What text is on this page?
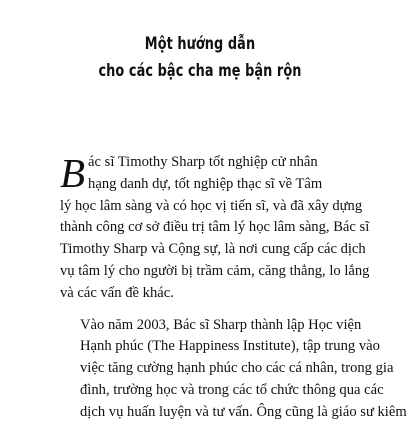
Một hướng dẫn
cho các bậc cha mẹ bận rộn

B ác sĩ Timothy Sharp tốt nghiệp cử nhân
hạng danh dự, tốt nghiệp thạc sĩ về Tâm
lý học lâm sàng và có học vị tiến sĩ, và đã xây dựng
thành công cơ sở điều trị tâm lý học lâm sàng, Bác sĩ
Timothy Sharp và Cộng sự, là nơi cung cấp các dịch
vụ tâm lý cho người bị trầm cảm, căng thẳng, lo lắng
và các vấn đề khác.

Vào năm 2003, Bác sĩ Sharp thành lập Học viện
Hạnh phúc (The Happiness Institute), tập trung vào
việc tăng cường hạnh phúc cho các cá nhân, trong gia
đình, trường học và trong các tổ chức thông qua các
dịch vụ huấn luyện và tư vấn. Ông cũng là giáo sư kiêm
